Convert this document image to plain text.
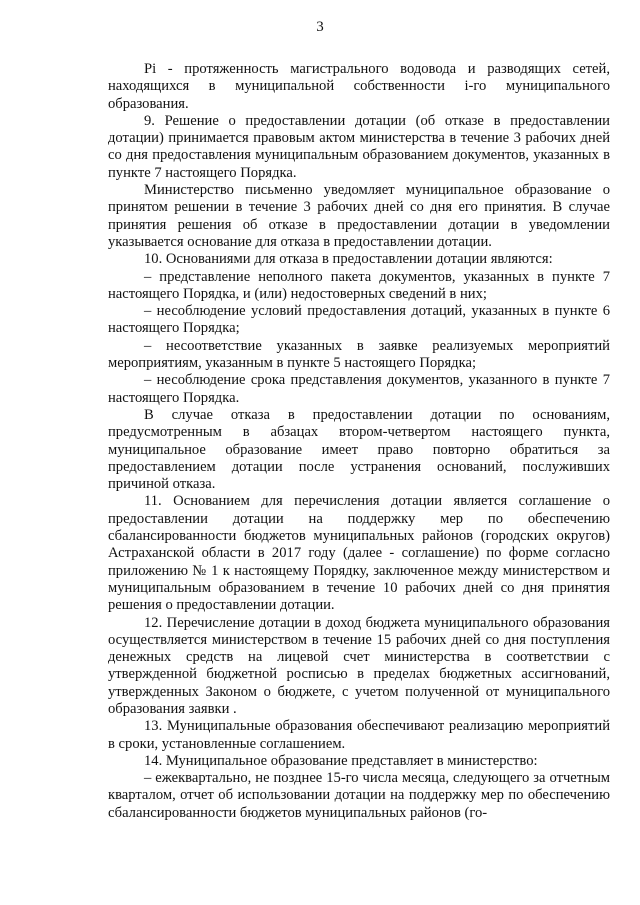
3

Pi - протяженность магистрального водовода и разводящих сетей, находящихся в муниципальной собственности i-го муниципального образования.

9. Решение о предоставлении дотации (об отказе в предоставлении дотации) принимается правовым актом министерства в течение 3 рабочих дней со дня предоставления муниципальным образованием документов, указанных в пункте 7 настоящего Порядка.

Министерство письменно уведомляет муниципальное образование о принятом решении в течение 3 рабочих дней со дня его принятия. В случае принятия решения об отказе в предоставлении дотации в уведомлении указывается основание для отказа в предоставлении дотации.

10. Основаниями для отказа в предоставлении дотации являются:

– представление неполного пакета документов, указанных в пункте 7 настоящего Порядка, и (или) недостоверных сведений в них;

– несоблюдение условий предоставления дотаций, указанных в пункте 6 настоящего Порядка;

– несоответствие указанных в заявке реализуемых мероприятий мероприятиям, указанным в пункте 5 настоящего Порядка;

– несоблюдение срока представления документов, указанного в пункте 7 настоящего Порядка.

В случае отказа в предоставлении дотации по основаниям, предусмотренным в абзацах втором-четвертом настоящего пункта, муниципальное образование имеет право повторно обратиться за предоставлением дотации после устранения оснований, послуживших причиной отказа.

11. Основанием для перечисления дотации является соглашение о предоставлении дотации на поддержку мер по обеспечению сбалансированности бюджетов муниципальных районов (городских округов) Астраханской области в 2017 году (далее - соглашение) по форме согласно приложению № 1 к настоящему Порядку, заключенное между министерством и муниципальным образованием в течение 10 рабочих дней со дня принятия решения о предоставлении дотации.

12. Перечисление дотации в доход бюджета муниципального образования осуществляется министерством в течение 15 рабочих дней со дня поступления денежных средств на лицевой счет министерства в соответствии с утвержденной бюджетной росписью в пределах бюджетных ассигнований, утвержденных Законом о бюджете, с учетом полученной от муниципального образования заявки .

13. Муниципальные образования обеспечивают реализацию мероприятий в сроки, установленные соглашением.

14. Муниципальное образование представляет в министерство:

– ежеквартально, не позднее 15-го числа месяца, следующего за отчетным кварталом, отчет об использовании дотации на поддержку мер по обеспечению сбалансированности бюджетов муниципальных районов (го-
